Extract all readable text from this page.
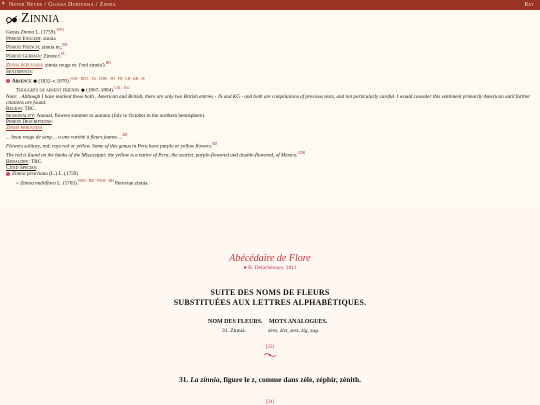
⚘ Never Never / Glossa Hortensia / Zinnia	Key
Zinnia
Genus Zinnia L. (1759).$^{WFO}$
Period English: zinnia
Period French: zinnia m.;$^{BD}$
Period German: Zinnie f.$^{PL}$
Zinnia peruviana: zinnia rouge m. ('red zinnia').$^{BD}$
Sentiments:
Absence ◆ (1832–c.1870).$^{CSW \cdot JBT1 \cdot TA \cdot CHW \cdot TH \cdot FD \cdot LH \cdot KB \cdot JS}$
Thoughts of absent friends ◆ (1867–1884).$^{CAL \cdot KG}$
Note: . Although I have marked these both , American and British, there are only two British entries - JS and KG - and both are compilations of previous texts, and not particularly careful. I would consider this sentiment primarily American until further citations are found.
Region: TBC.
Seasonality: Annual, flowers summer to autumn (July to October in the northern hemisphere).
Period Descriptions:
Zinnia peruviana
... beau rouge de sang ... a une variété à fleurs jaunes ...$^{BD}$
Flowers solitary, red; rays red or yellow. Some of this genus in Peru have purple or yellow flowers.$^{BD}$
The red is found on the banks of the Mississippi; the yellow is a native of Peru; the scarlet, purple-flowered and double-flowered, of Mexico.$^{CDB}$
Heraldry: TBC.
Cited Species:
Zinnia peruviana (L.) L. (1759)
= Zinnia multiflora L. (1763).$^{WFO \cdot BD \cdot FWW \cdot BD}$ Peruvian zinnia.
Abécédaire de Flore
● B. Delachénaye, 1811
SUITE DES NOMS DE FLEURS
SUBSTITUÉES AUX LETTRES ALPHABÉTIQUES.
NOM DES FLEURS. MOTS ANALOGUES.
31. Zinnia.	zèro, zist, zest, zig, zag.
[23]
31. La zinnia, figure le z, comme dans zèle, zéphir, zénith.
[24]
